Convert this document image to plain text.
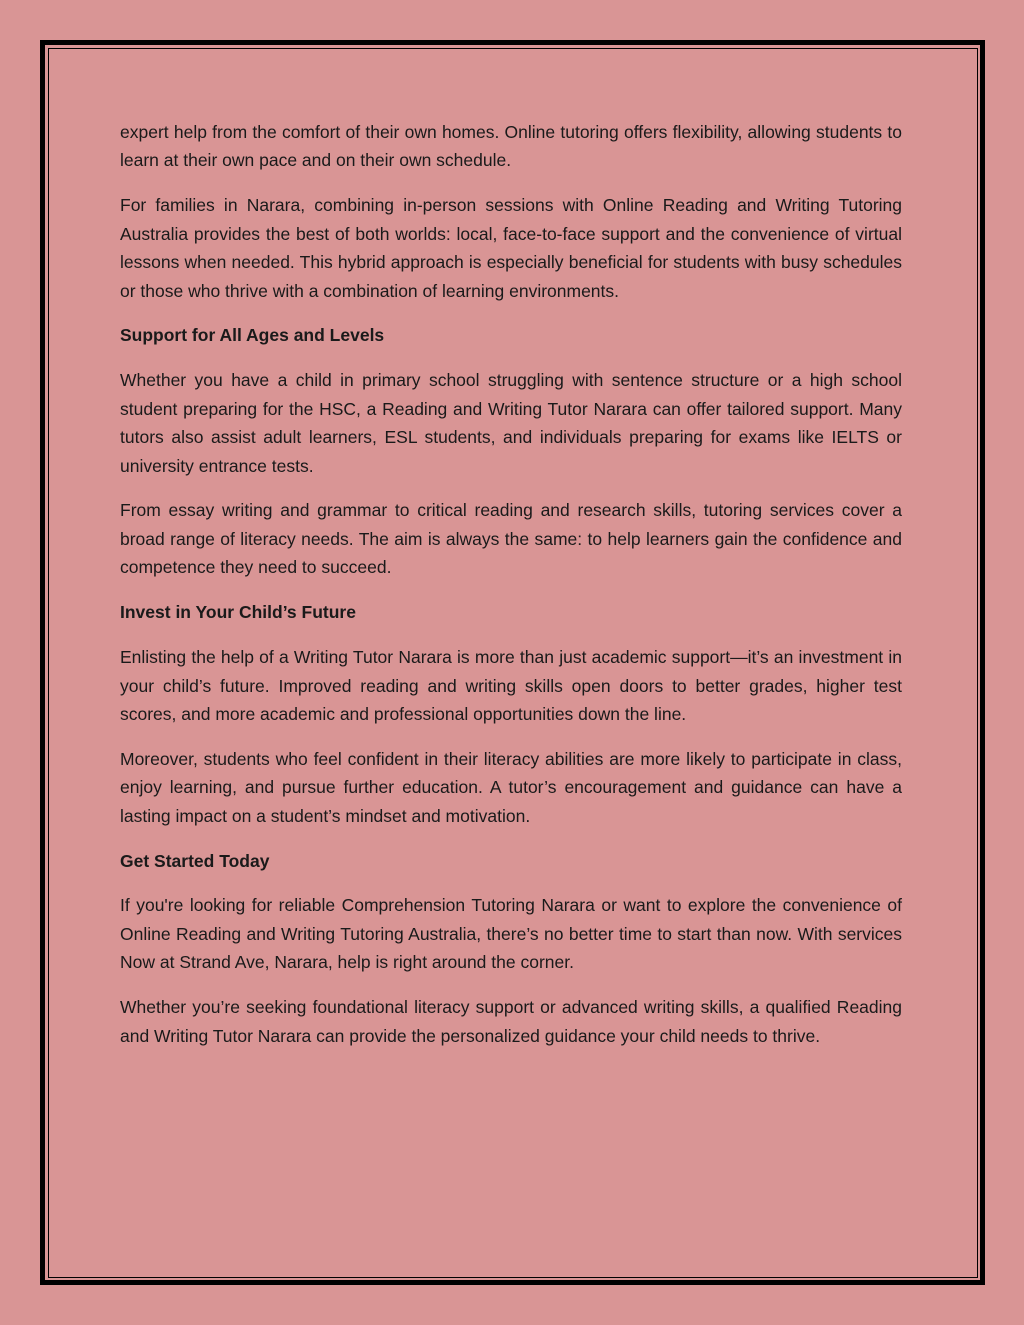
expert help from the comfort of their own homes. Online tutoring offers flexibility, allowing students to learn at their own pace and on their own schedule.

For families in Narara, combining in-person sessions with Online Reading and Writing Tutoring Australia provides the best of both worlds: local, face-to-face support and the convenience of virtual lessons when needed. This hybrid approach is especially beneficial for students with busy schedules or those who thrive with a combination of learning environments.

Support for All Ages and Levels

Whether you have a child in primary school struggling with sentence structure or a high school student preparing for the HSC, a Reading and Writing Tutor Narara can offer tailored support. Many tutors also assist adult learners, ESL students, and individuals preparing for exams like IELTS or university entrance tests.

From essay writing and grammar to critical reading and research skills, tutoring services cover a broad range of literacy needs. The aim is always the same: to help learners gain the confidence and competence they need to succeed.

Invest in Your Child’s Future

Enlisting the help of a Writing Tutor Narara is more than just academic support—it’s an investment in your child’s future. Improved reading and writing skills open doors to better grades, higher test scores, and more academic and professional opportunities down the line.

Moreover, students who feel confident in their literacy abilities are more likely to participate in class, enjoy learning, and pursue further education. A tutor’s encouragement and guidance can have a lasting impact on a student’s mindset and motivation.

Get Started Today

If you're looking for reliable Comprehension Tutoring Narara or want to explore the convenience of Online Reading and Writing Tutoring Australia, there’s no better time to start than now. With services Now at Strand Ave, Narara, help is right around the corner.

Whether you’re seeking foundational literacy support or advanced writing skills, a qualified Reading and Writing Tutor Narara can provide the personalized guidance your child needs to thrive.
